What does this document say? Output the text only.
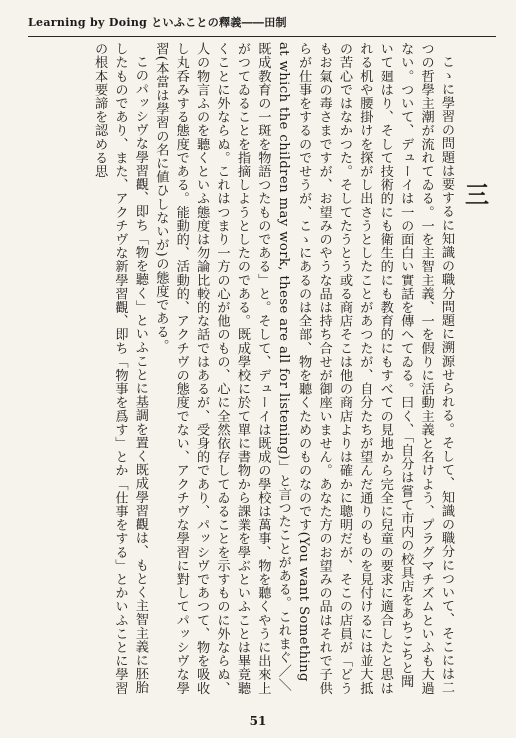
Learning by Doing といふことの釋義――田制
三

こゝに學習の問題は要するに知識の職分問題に溯源せられる。そして、知識の職分について、そこには二つの哲學主潮が流れてゐる。一を主智主義、一を假りに活動主義と名けよう、プラグマチズムといふも大過ない。ついて、デューイは一の面白い實話を傳へてゐる。曰く、「自分は嘗て市内の校具店をあちこちと聞いて廻はり、そして技術的にも衛生的にも教育的にもすべての見地から完全に兒童の要求に適合したと思はれる机や腰掛けを探がし出さうとしたことがあつたが、自分たちが望んだ通りのものを見付けるには並大抵の苦心ではなかつた。そしてたうとう或る商店そこは他の商店よりは確かに聰明だが、そこの店員が「どうもお氣の毒さまですが、お望みのやうな品は持ち合せが御座いません。あなた方のお望みの品はそれで子供らが仕事をするのでせうが、こゝにあるのは全部、物を聽くためのものなのです(You want Something at which the children may work, these are all for listening)」と言つたことがある。これまぐ／＼既成教育の一斑を物語つたものである」と。そして、デューイは既成の學校は萬事、物を聽くやうに出來上がつてゐることを指摘しようとしたのである。既成學校に於て單に書物から課業を學ぶといふことは畢竟聽くことに外ならぬ。これはつまり一方の心が他のもの、心に全然依存してゐることを示すものに外ならぬ、人の物言ふのを聽くといふ態度は勿論比較的な話ではあるが、受身的であり、パッシヴであつて、物を吸收し丸呑みする態度である。能動的、活動的、アクチヴの態度でない、アクチヴな學習に對してパッシヴな學習(本當は學習の名に値ひしないが)の態度である。

このパッシヴな學習觀、即ち「物を聽く」といふことに基調を置く既成學習觀は、もとく主智主義に胚胎したものであり、また、アクチヴな新學習觀、即ち「物事を爲す」とか「仕事をする」とかいふことに學習の根本要諦を認める思

51
